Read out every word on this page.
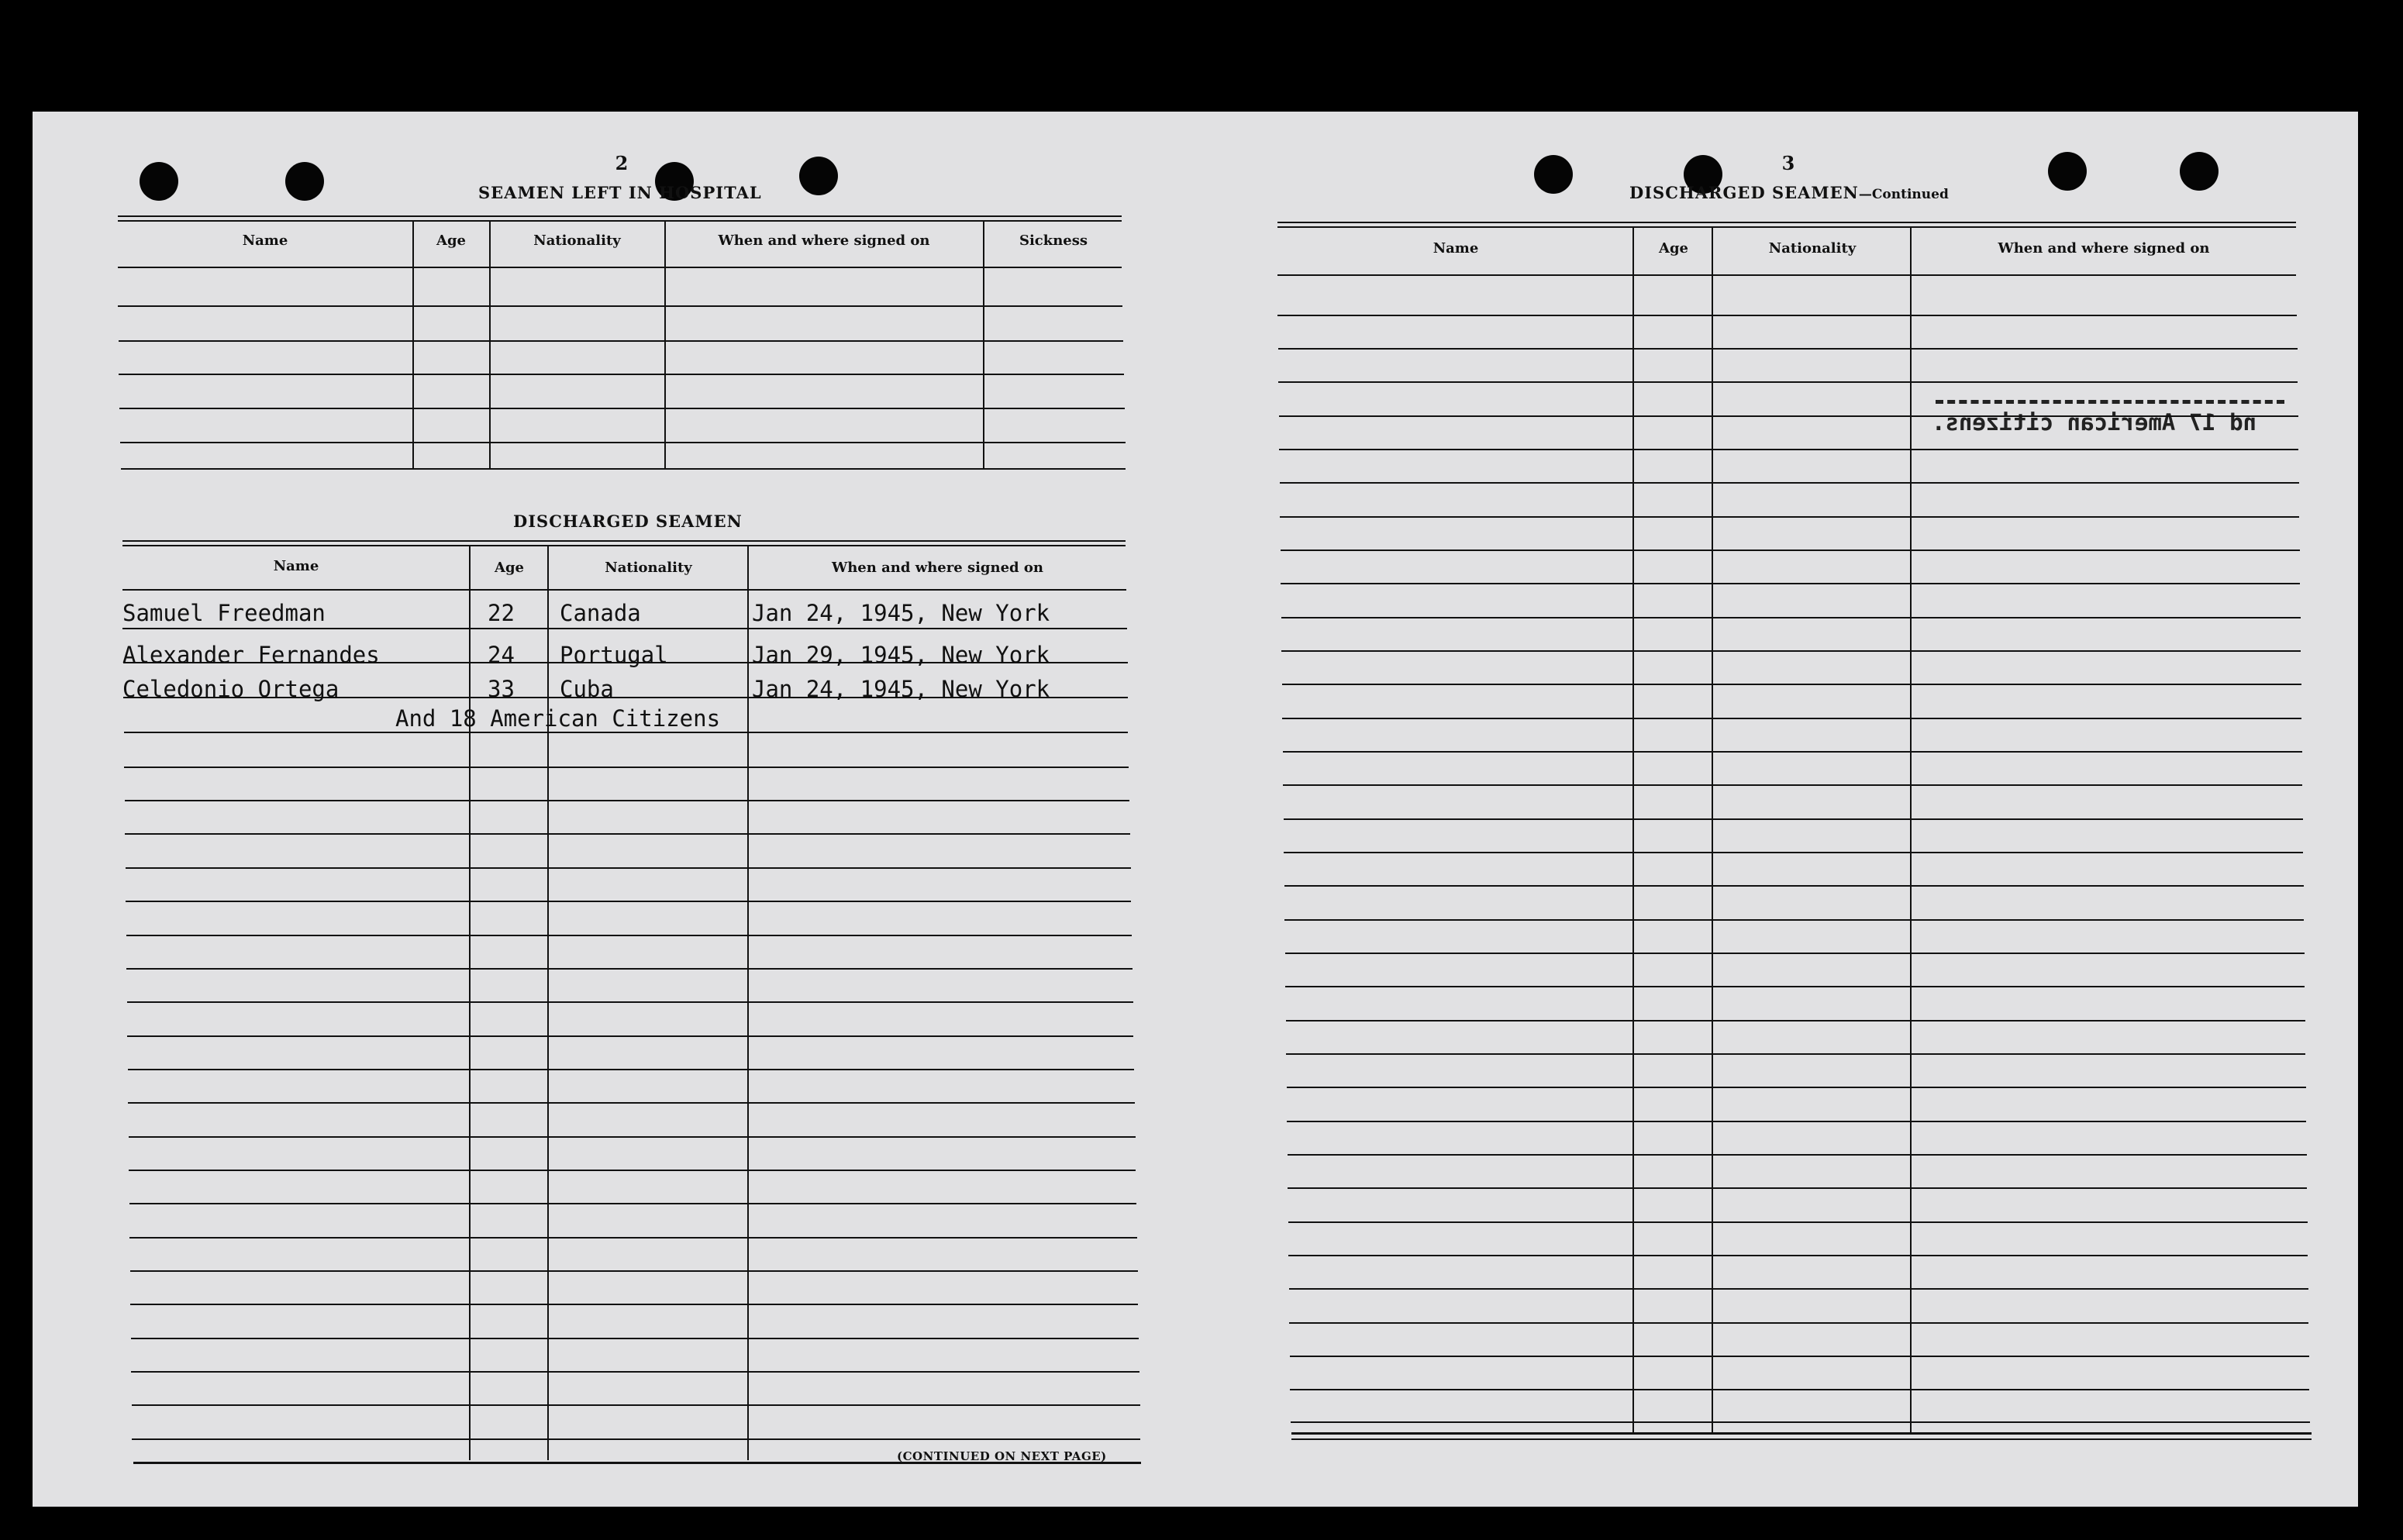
2
SEAMEN LEFT IN HOSPITAL
Name	Age	Nationality	When and where signed on	Sickness
DISCHARGED SEAMEN
Name	Age	Nationality	When and where signed on
Samuel Freedman	22 Canada	Jan 24, 1945, New York
Alexander Fernandes	24 Portugal	Jan 29, 1945, New York
Celedonio Ortega	33 Cuba	Jan 24, 1945, New York
And 18 American Citizens
(CONTINUED ON NEXT PAGE)
3
DISCHARGED SEAMEN—Continued
Name	Age	Nationality	When and where signed on
nd 17 American citizens.
